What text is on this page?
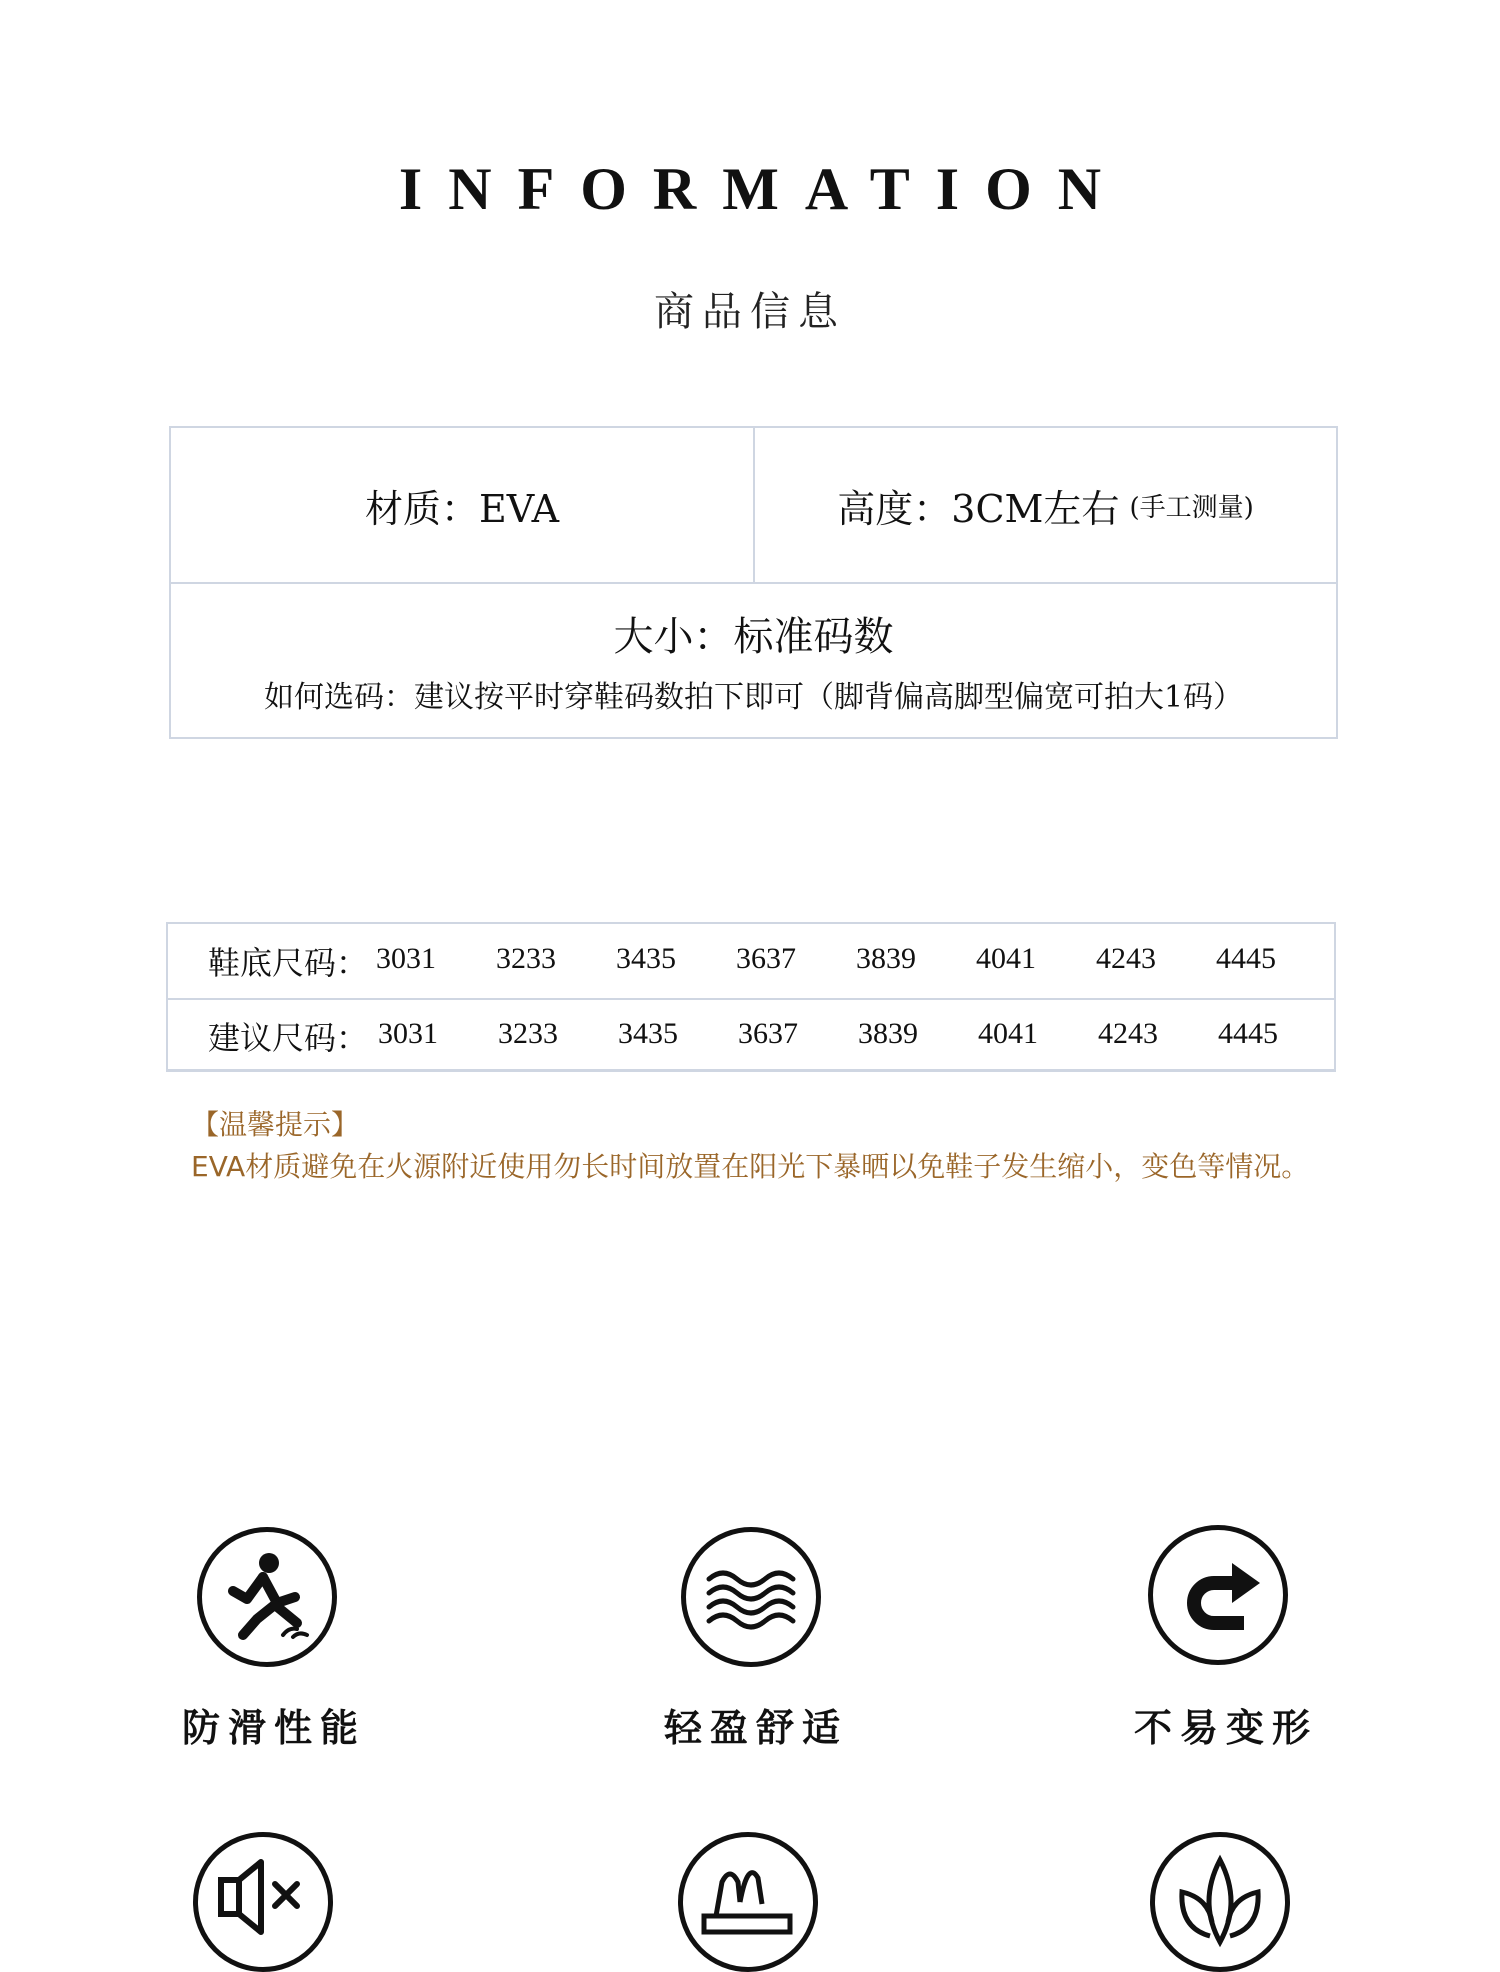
INFORMATION
商品信息
材质：EVA	高度：3CM左右 (手工测量)
大小：标准码数
如何选码：建议按平时穿鞋码数拍下即可（脚背偏高脚型偏宽可拍大1码）
鞋底尺码： 3031 3233 3435 3637 3839 4041 4243 4445
建议尺码： 3031 3233 3435 3637 3839 4041 4243 4445
【温馨提示】
EVA材质避免在火源附近使用勿长时间放置在阳光下暴晒以免鞋子发生缩小，变色等情况。
防滑性能	轻盈舒适	不易变形
